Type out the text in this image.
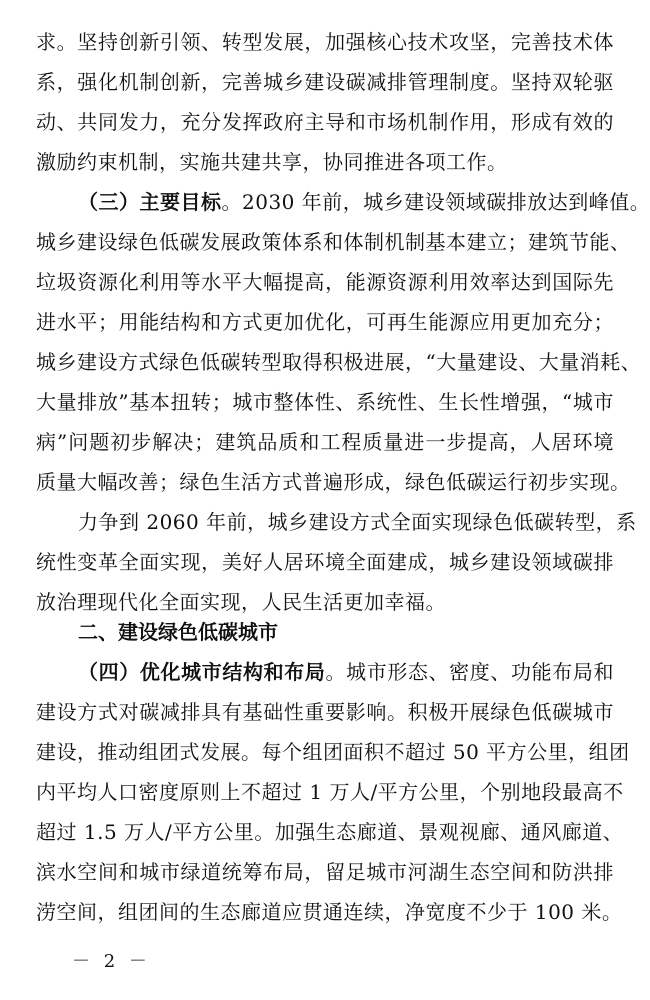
求。坚持创新引领、转型发展，加强核心技术攻坚，完善技术体
系，强化机制创新，完善城乡建设碳减排管理制度。坚持双轮驱
动、共同发力，充分发挥政府主导和市场机制作用，形成有效的
激励约束机制，实施共建共享，协同推进各项工作。
（三）主要目标。2030 年前，城乡建设领域碳排放达到峰值。
城乡建设绿色低碳发展政策体系和体制机制基本建立；建筑节能、
垃圾资源化利用等水平大幅提高，能源资源利用效率达到国际先
进水平；用能结构和方式更加优化，可再生能源应用更加充分；
城乡建设方式绿色低碳转型取得积极进展，“大量建设、大量消耗、
大量排放”基本扭转；城市整体性、系统性、生长性增强，“城市
病”问题初步解决；建筑品质和工程质量进一步提高，人居环境
质量大幅改善；绿色生活方式普遍形成，绿色低碳运行初步实现。
力争到 2060 年前，城乡建设方式全面实现绿色低碳转型，系
统性变革全面实现，美好人居环境全面建成，城乡建设领域碳排
放治理现代化全面实现，人民生活更加幸福。
二、建设绿色低碳城市
（四）优化城市结构和布局。城市形态、密度、功能布局和
建设方式对碳减排具有基础性重要影响。积极开展绿色低碳城市
建设，推动组团式发展。每个组团面积不超过 50 平方公里，组团
内平均人口密度原则上不超过 1 万人/平方公里，个别地段最高不
超过 1.5 万人/平方公里。加强生态廊道、景观视廊、通风廊道、
滨水空间和城市绿道统筹布局，留足城市河湖生态空间和防洪排
涝空间，组团间的生态廊道应贯通连续，净宽度不少于 100 米。
－ 2 －
